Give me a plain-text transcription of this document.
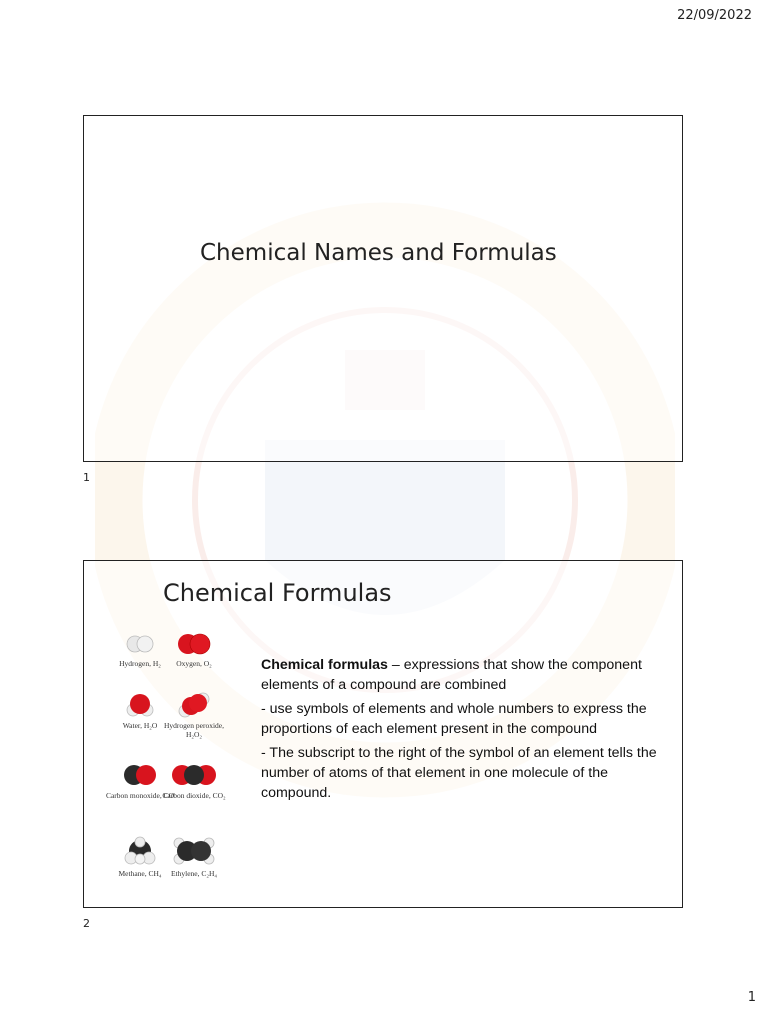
22/09/2022
Chemical Names and Formulas
1
Chemical Formulas
Hydrogen, H₂	Oxygen, O₂
Water, H₂O Hydrogen peroxide, H₂O₂
Carbon monoxide, CO
Carbon dioxide, CO₂
Methane, CH₄	Ethylene, C₂H₄

Chemical formulas – expressions that show the component elements of a compound are combined

- use symbols of elements and whole numbers to express the proportions of each element present in the compound

- The subscript to the right of the symbol of an element tells the number of atoms of that element in one molecule of the compound.

2
1
